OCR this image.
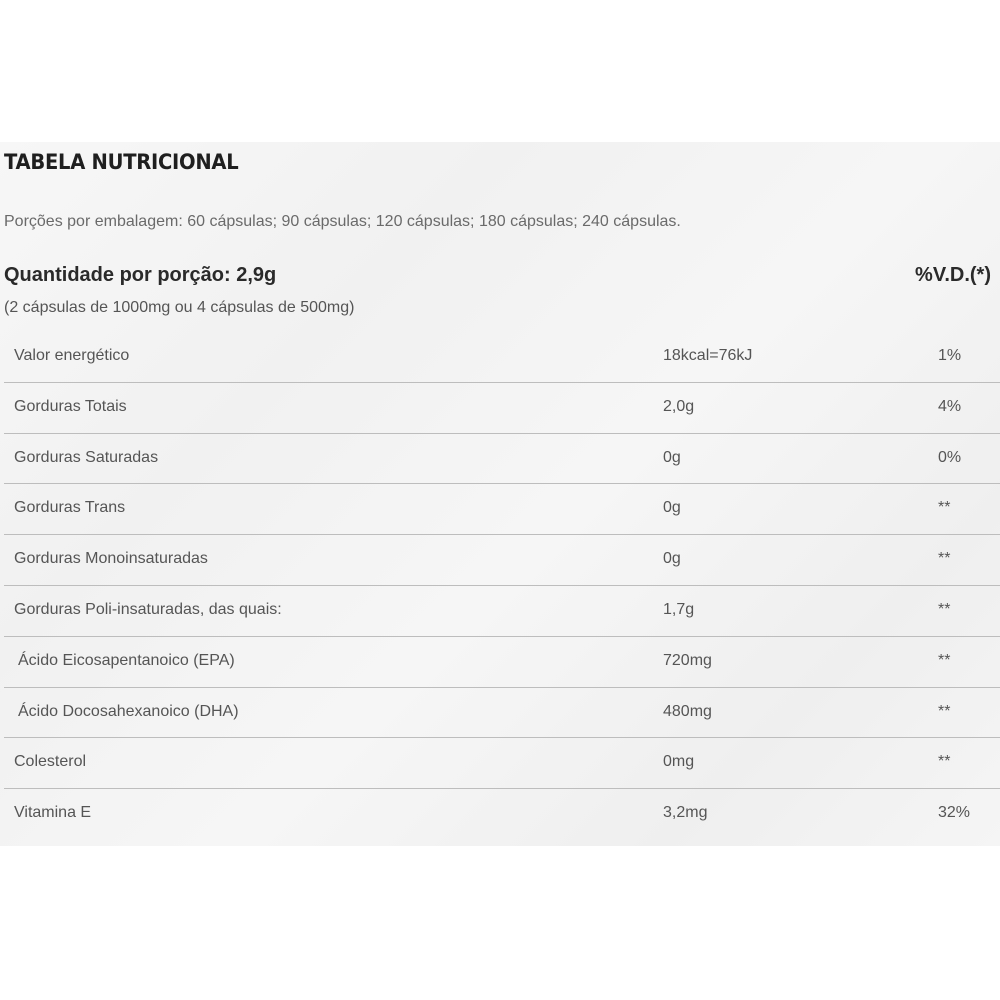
TABELA NUTRICIONAL
Porções por embalagem: 60 cápsulas; 90 cápsulas; 120 cápsulas; 180 cápsulas; 240 cápsulas.
Quantidade por porção: 2,9g	%V.D.(*)
(2 cápsulas de 1000mg ou 4 cápsulas de 500mg)
Valor energético	18kcal=76kJ	1%
Gorduras Totais	2,0g	4%
Gorduras Saturadas	0g	0%
Gorduras Trans	0g	**
Gorduras Monoinsaturadas	0g	**
Gorduras Poli-insaturadas, das quais:	1,7g	**
Ácido Eicosapentanoico (EPA)	720mg	**
Ácido Docosahexanoico (DHA)	480mg	**
Colesterol	0mg	**
Vitamina E	3,2mg	32%
